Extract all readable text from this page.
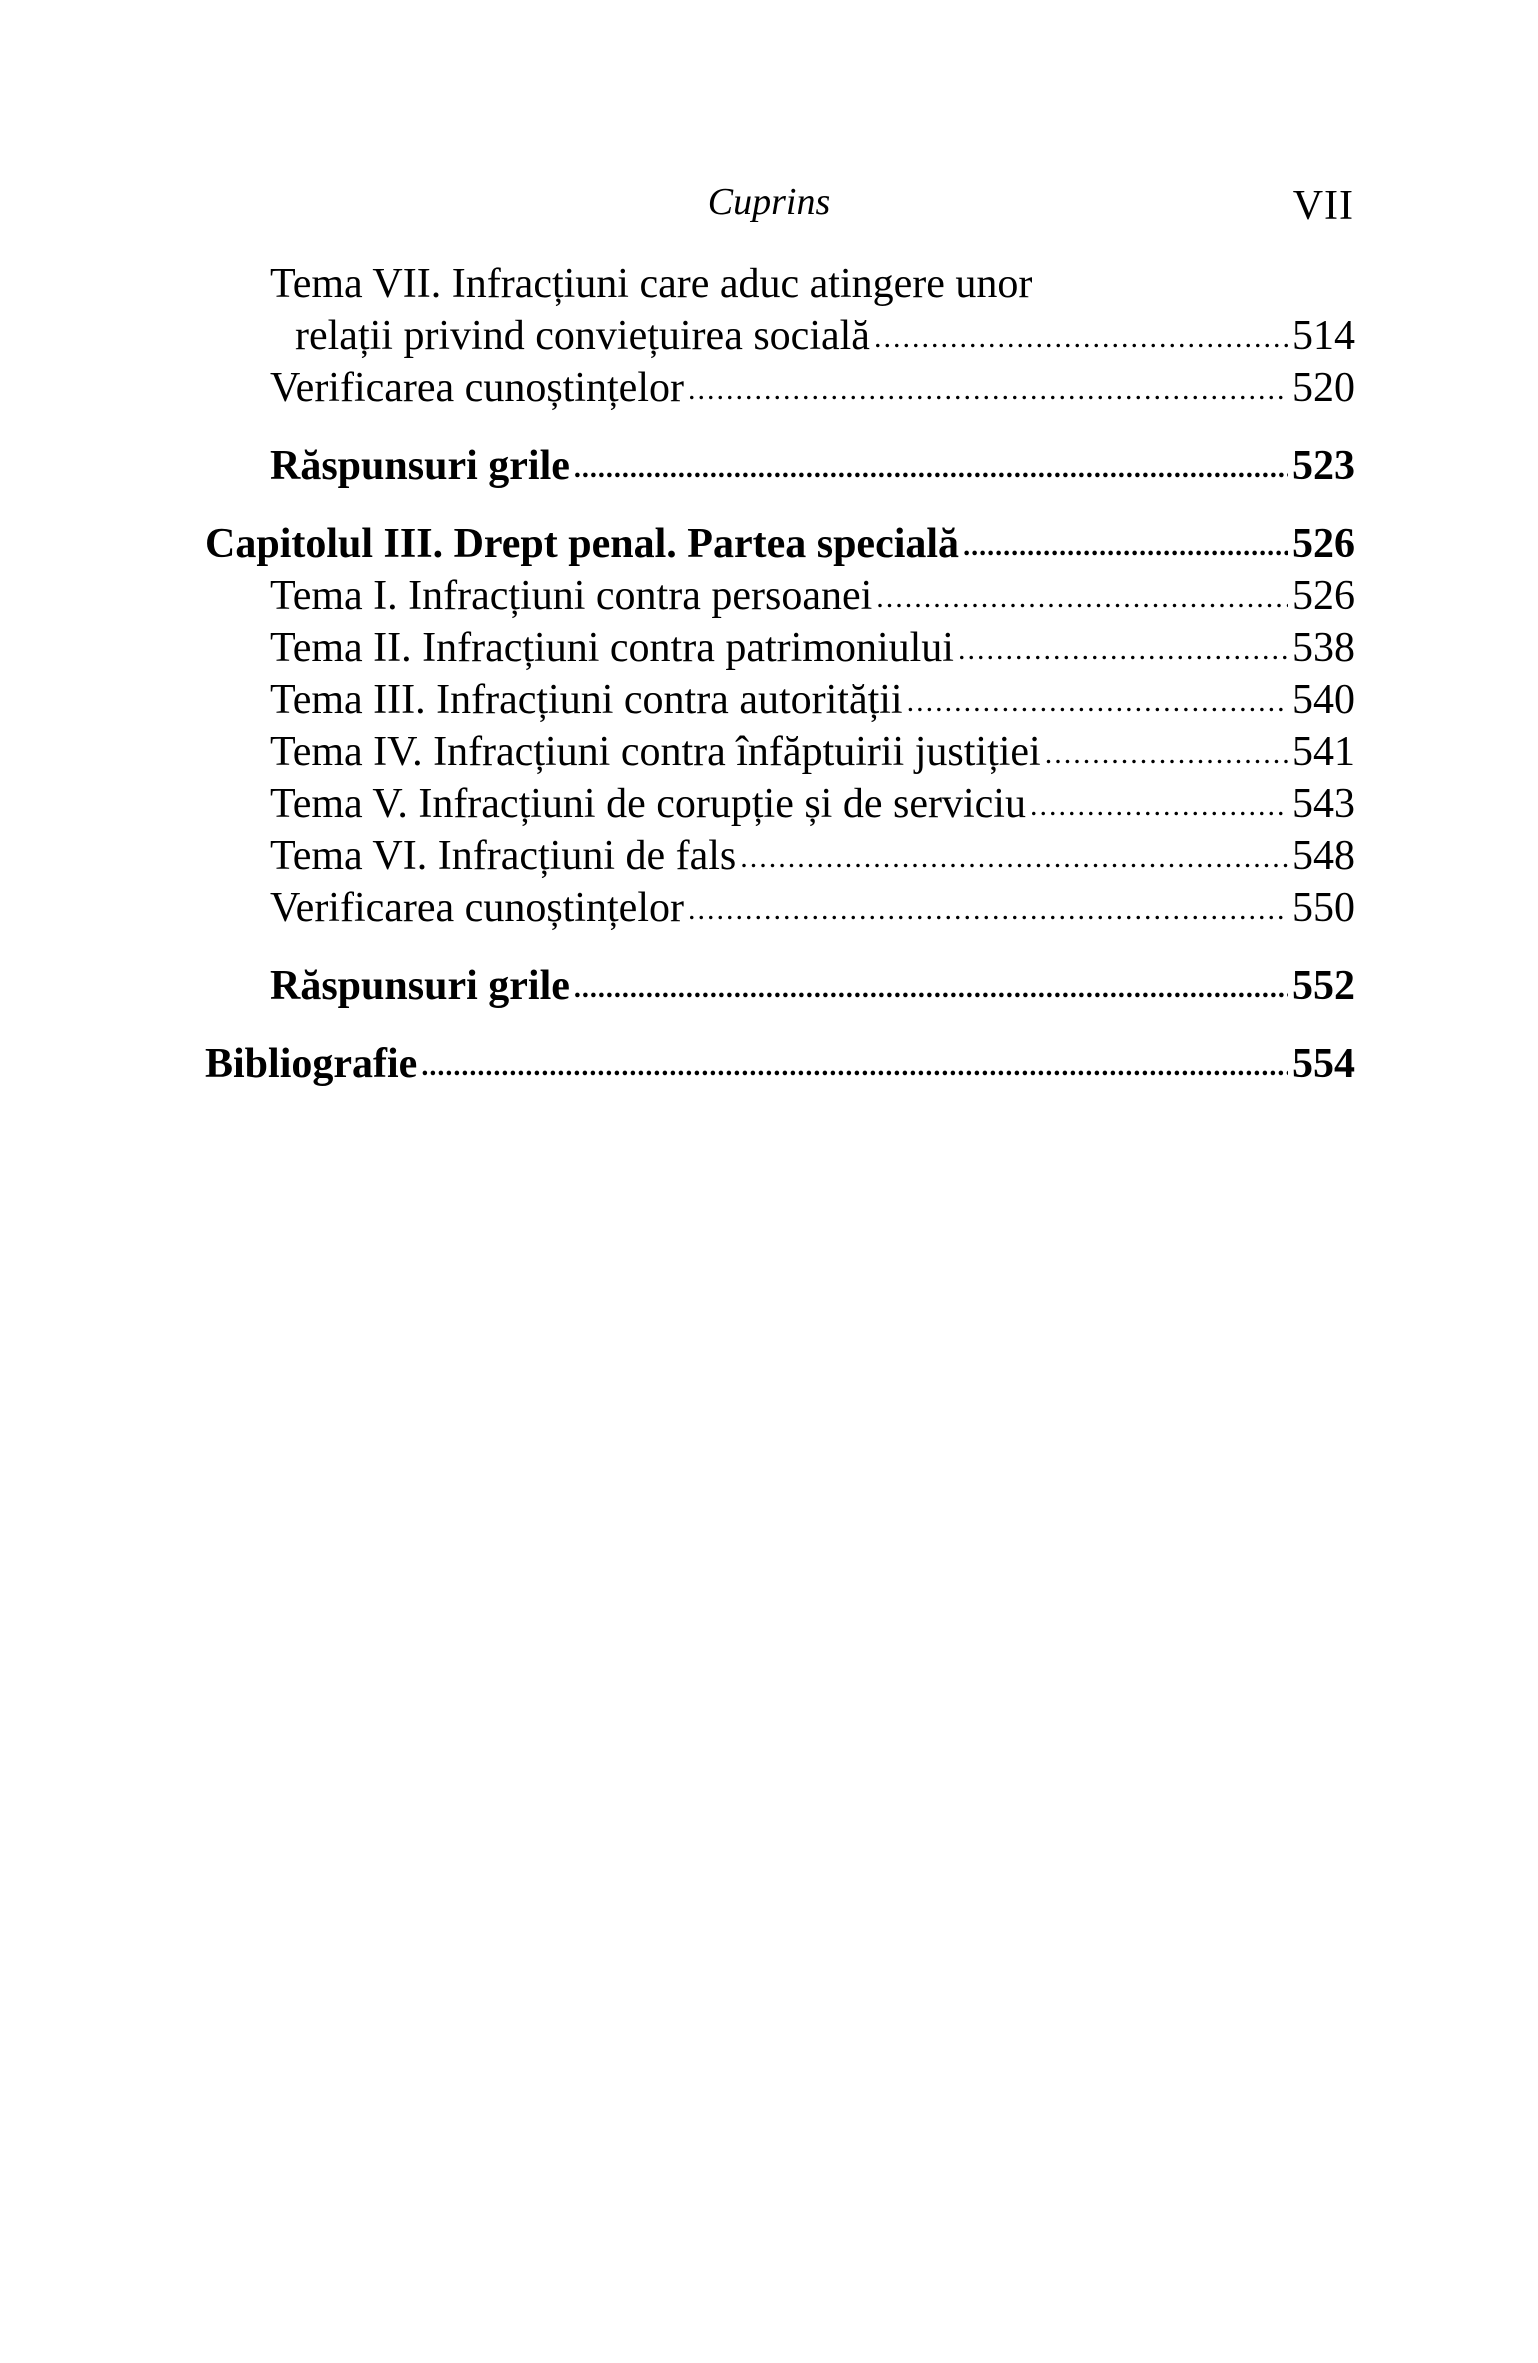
Cuprins	VII
Tema VII. Infracțiuni care aduc atingere unor
relații privind conviețuirea socială .....	514
Verificarea cunoștințelor .....	520
Răspunsuri grile .....	523
Capitolul III. Drept penal. Partea specială .....	526
Tema I. Infracțiuni contra persoanei .....	526
Tema II. Infracțiuni contra patrimoniului .....	538
Tema III. Infracțiuni contra autorității .....	540
Tema IV. Infracțiuni contra înfăptuirii justiției .....	541
Tema V. Infracțiuni de corupție și de serviciu .....	543
Tema VI. Infracțiuni de fals .....	548
Verificarea cunoștințelor .....	550
Răspunsuri grile .....	552
Bibliografie .....	554
